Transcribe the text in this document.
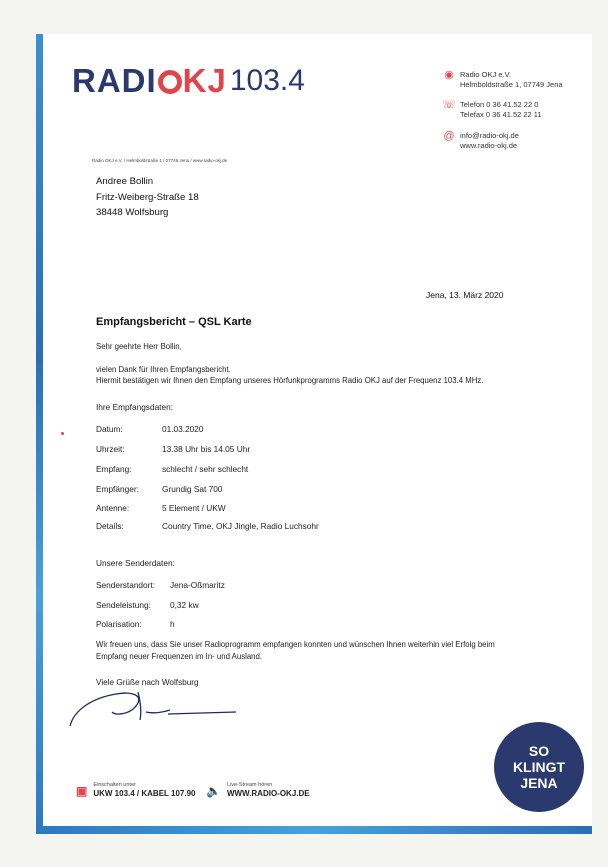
RADI KJ 103.4	◉ Radio OKJ e.V.
Helmboldstraße 1, 07749 Jena
☏ Telefon 0 36 41.52 22 0
Telefax 0 36 41.52 22 11
@ info@radio-okj.de
www.radio-okj.de
Radio OKJ e.V. / Helmboldstraße 1 / 07749 Jena / www.radio-okj.de
Andree Bollin
Fritz-Weiberg-Straße 18
38448 Wolfsburg
Jena, 13. März 2020
Empfangsbericht – QSL Karte
Sehr geehrte Herr Bollin,
vielen Dank für Ihren Empfangsbericht.
Hiermit bestätigen wir Ihnen den Empfang unseres Hörfunkprogramms Radio OKJ auf der Frequenz 103.4 MHz.
Ihre Empfangsdaten:
Datum:	01.03.2020
Uhrzeit:	13.38 Uhr bis 14.05 Uhr
Empfang:	schlecht / sehr schlecht
Empfänger:	Grundig Sat 700
Antenne:	5 Element / UKW
Details:	Country Time, OKJ Jingle, Radio Luchsohr
Unsere Senderdaten:
Senderstandort: Jena-Oßmaritz
Sendeleistung: 0,32 kw
Polarisation:	h
Wir freuen uns, dass Sie unser Radioprogramm empfangen konnten und wünschen Ihnen weiterhin viel Erfolg beim
Empfang neuer Frequenzen im In- und Ausland.
Viele Grüße nach Wolfsburg
SO
KLINGT
JENA
▣ Einschalten unter
UKW 103.4 / KABEL 107.90 🔈 Live-Stream hören
WWW.RADIO-OKJ.DE
